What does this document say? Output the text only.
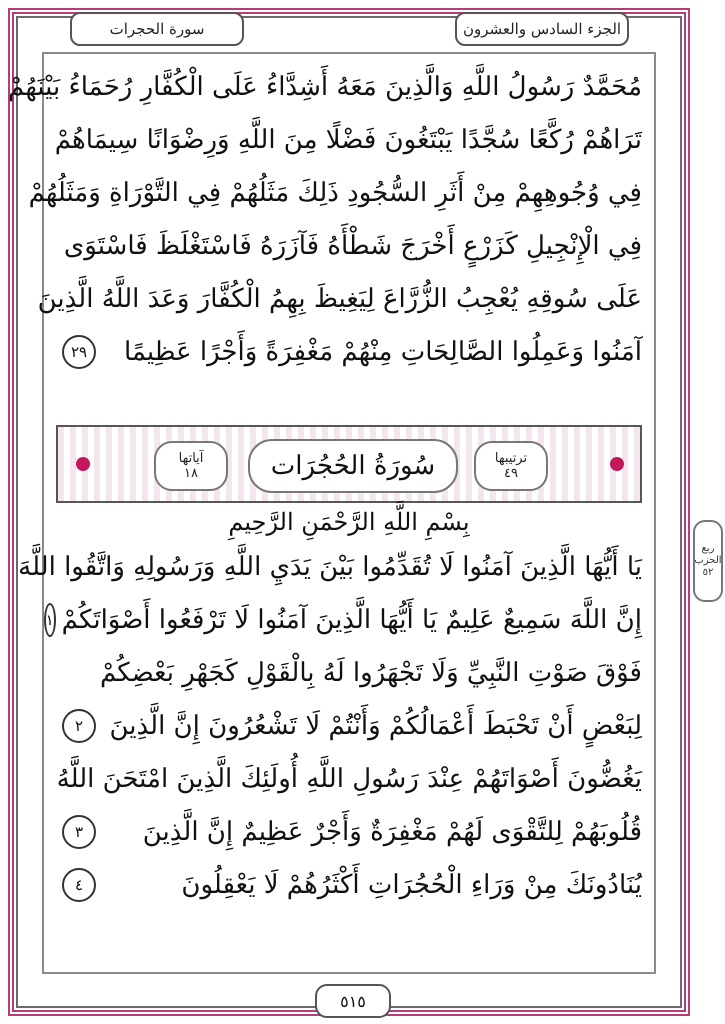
سورة الحجرات	الجزء السادس والعشرون
مُحَمَّدٌ رَسُولُ اللَّهِ وَالَّذِينَ مَعَهُ أَشِدَّاءُ عَلَى الْكُفَّارِ رُحَمَاءُ بَيْنَهُمْ
تَرَاهُمْ رُكَّعًا سُجَّدًا يَبْتَغُونَ فَضْلًا مِنَ اللَّهِ وَرِضْوَانًا سِيمَاهُمْ
فِي وُجُوهِهِمْ مِنْ أَثَرِ السُّجُودِ ذَلِكَ مَثَلُهُمْ فِي التَّوْرَاةِ وَمَثَلُهُمْ
فِي الْإِنْجِيلِ كَزَرْعٍ أَخْرَجَ شَطْأَهُ فَآزَرَهُ فَاسْتَغْلَظَ فَاسْتَوَى
عَلَى سُوقِهِ يُعْجِبُ الزُّرَّاعَ لِيَغِيظَ بِهِمُ الْكُفَّارَ وَعَدَ اللَّهُ الَّذِينَ
آمَنُوا وَعَمِلُوا الصَّالِحَاتِ مِنْهُمْ مَغْفِرَةً وَأَجْرًا عَظِيمًا
٢٩
آياتها
١٨	سُورَةُ الحُجُرَات	ترتيبها
٤٩
بِسْمِ اللَّهِ الرَّحْمَنِ الرَّحِيمِ
يَا أَيُّهَا الَّذِينَ آمَنُوا لَا تُقَدِّمُوا بَيْنَ يَدَيِ اللَّهِ وَرَسُولِهِ وَاتَّقُوا اللَّهَ
إِنَّ اللَّهَ سَمِيعٌ عَلِيمٌ يَا أَيُّهَا الَّذِينَ آمَنُوا لَا تَرْفَعُوا أَصْوَاتَكُمْ
١
فَوْقَ صَوْتِ النَّبِيِّ وَلَا تَجْهَرُوا لَهُ بِالْقَوْلِ كَجَهْرِ بَعْضِكُمْ
لِبَعْضٍ أَنْ تَحْبَطَ أَعْمَالُكُمْ وَأَنْتُمْ لَا تَشْعُرُونَ إِنَّ الَّذِينَ
٢
يَغُضُّونَ أَصْوَاتَهُمْ عِنْدَ رَسُولِ اللَّهِ أُولَئِكَ الَّذِينَ امْتَحَنَ اللَّهُ
قُلُوبَهُمْ لِلتَّقْوَى لَهُمْ مَغْفِرَةٌ وَأَجْرٌ عَظِيمٌ إِنَّ الَّذِينَ
٣
يُنَادُونَكَ مِنْ وَرَاءِ الْحُجُرَاتِ أَكْثَرُهُمْ لَا يَعْقِلُونَ
٤
٥١٥
ربع الحزب ٥٢
